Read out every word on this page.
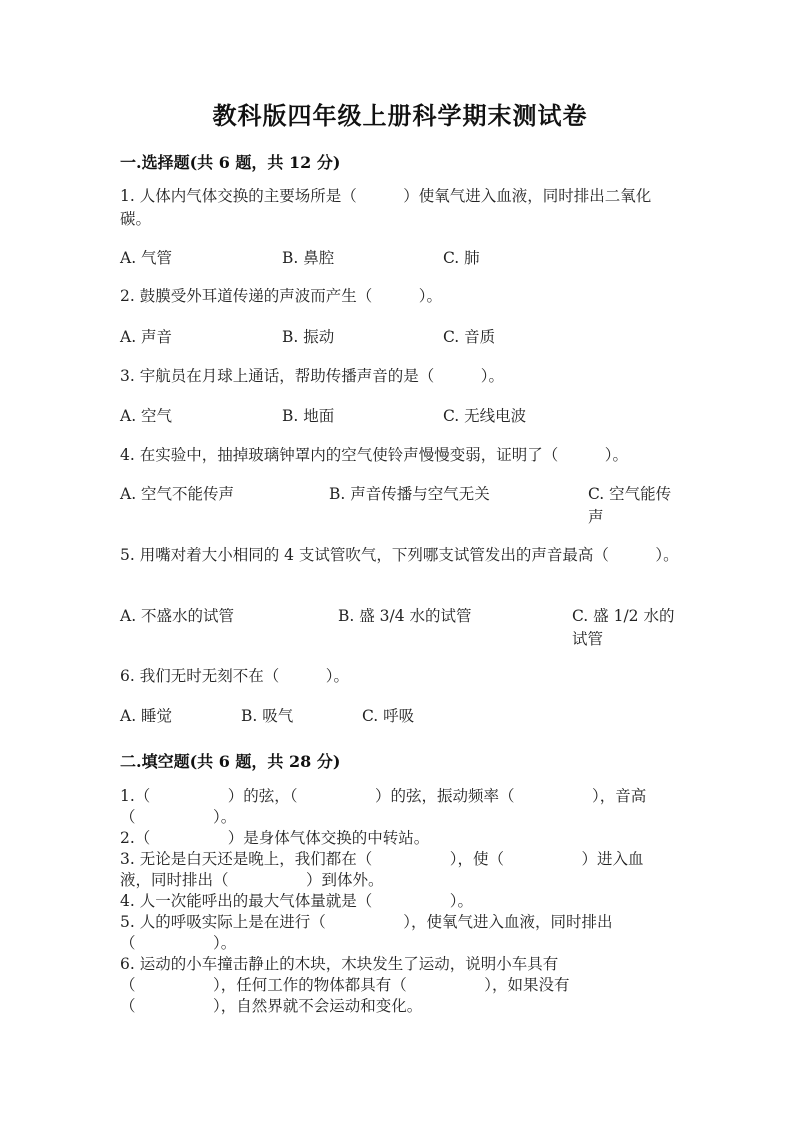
教科版四年级上册科学期末测试卷
一.选择题(共 6 题，共 12 分)
1. 人体内气体交换的主要场所是（　　　）使氧气进入血液，同时排出二氧化碳。
A. 气管	B. 鼻腔	C. 肺
2. 鼓膜受外耳道传递的声波而产生（　　　）。
A. 声音	B. 振动	C. 音质
3. 宇航员在月球上通话，帮助传播声音的是（　　　）。
A. 空气	B. 地面	C. 无线电波
4. 在实验中，抽掉玻璃钟罩内的空气使铃声慢慢变弱，证明了（　　　）。
A. 空气不能传声	B. 声音传播与空气无关	C. 空气能传声
5. 用嘴对着大小相同的 4 支试管吹气，下列哪支试管发出的声音最高（　　　）。
A. 不盛水的试管	B. 盛 3/4 水的试管	C. 盛 1/2 水的试管
6. 我们无时无刻不在（　　　）。
A. 睡觉	B. 吸气	C. 呼吸
二.填空题(共 6 题，共 28 分)
1.（　　　　　）的弦，（　　　　　）的弦，振动频率（　　　　　），音高
（　　　　　）。
2.（　　　　　）是身体气体交换的中转站。
3. 无论是白天还是晚上，我们都在（　　　　　），使（　　　　　）进入血
液，同时排出（　　　　　）到体外。
4. 人一次能呼出的最大气体量就是（　　　　　）。
5. 人的呼吸实际上是在进行（　　　　　），使氧气进入血液，同时排出
（　　　　　）。
6. 运动的小车撞击静止的木块，木块发生了运动，说明小车具有
（　　　　　），任何工作的物体都具有（　　　　　），如果没有
（　　　　　），自然界就不会运动和变化。
